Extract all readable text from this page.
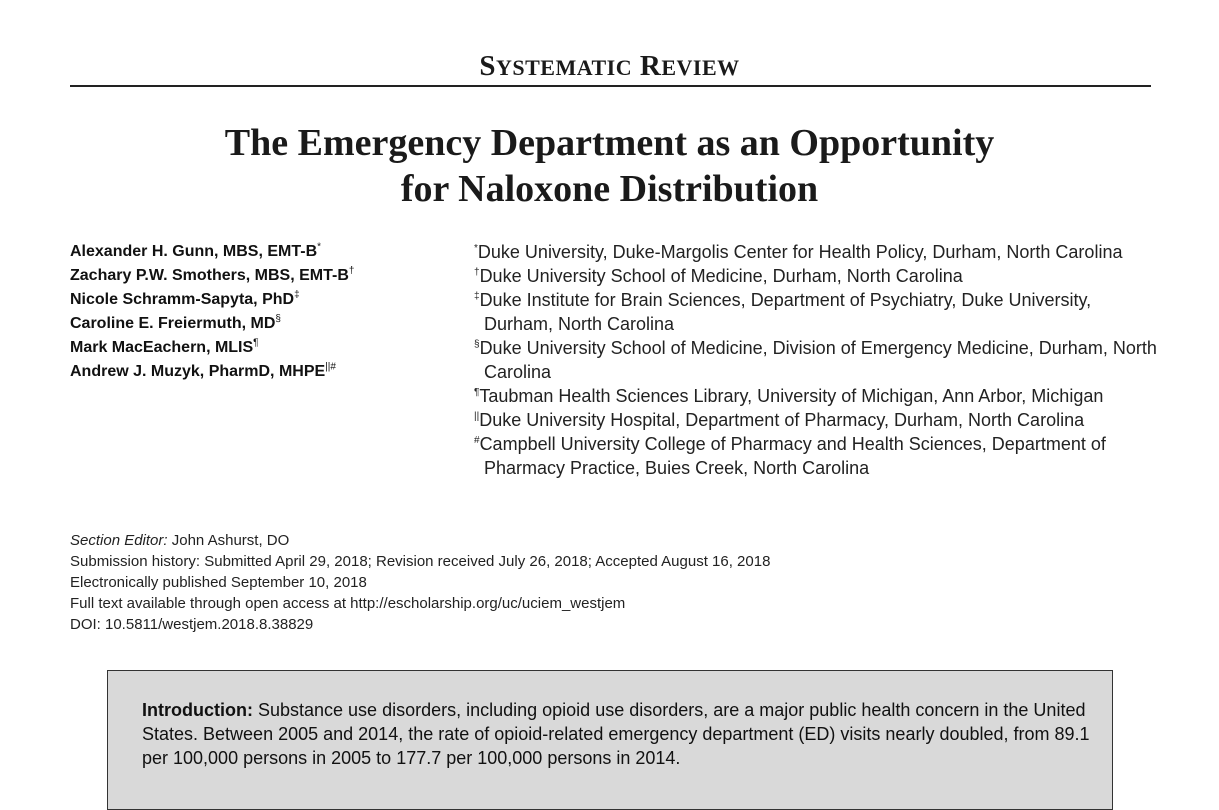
SYSTEMATIC REVIEW
The Emergency Department as an Opportunity
for Naloxone Distribution
Alexander H. Gunn, MBS, EMT-B*
Zachary P.W. Smothers, MBS, EMT-B†
Nicole Schramm-Sapyta, PhD‡
Caroline E. Freiermuth, MD§
Mark MacEachern, MLIS¶
Andrew J. Muzyk, PharmD, MHPE||#
*Duke University, Duke-Margolis Center for Health Policy, Durham, North Carolina
†Duke University School of Medicine, Durham, North Carolina
‡Duke Institute for Brain Sciences, Department of Psychiatry, Duke University, Durham, North Carolina
§Duke University School of Medicine, Division of Emergency Medicine, Durham, North Carolina
¶Taubman Health Sciences Library, University of Michigan, Ann Arbor, Michigan
||Duke University Hospital, Department of Pharmacy, Durham, North Carolina
#Campbell University College of Pharmacy and Health Sciences, Department of Pharmacy Practice, Buies Creek, North Carolina
Section Editor: John Ashurst, DO
Submission history: Submitted April 29, 2018; Revision received July 26, 2018; Accepted August 16, 2018
Electronically published September 10, 2018
Full text available through open access at http://escholarship.org/uc/uciem_westjem
DOI: 10.5811/westjem.2018.8.38829

Introduction: Substance use disorders, including opioid use disorders, are a major public health concern in the United States. Between 2005 and 2014, the rate of opioid-related emergency department (ED) visits nearly doubled, from 89.1 per 100,000 persons in 2005 to 177.7 per 100,000 persons in 2014.
